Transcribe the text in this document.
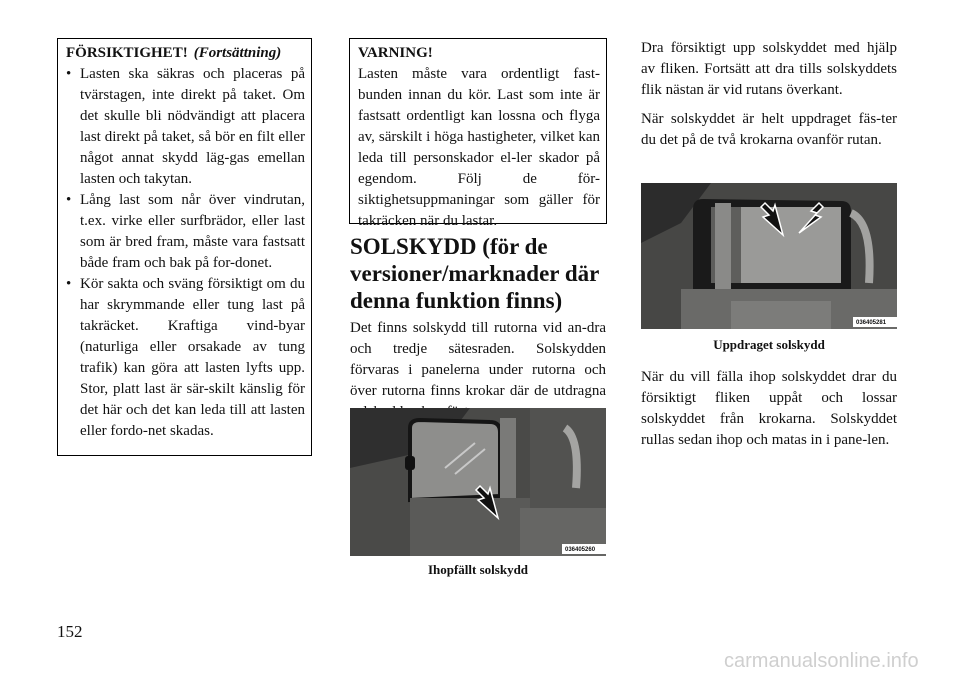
FÖRSIKTIGHET! (Fortsättning)
• Lasten ska säkras och placeras på tvärstagen, inte direkt på taket. Om det skulle bli nödvändigt att placera last direkt på taket, så bör en filt eller något annat skydd läg-gas emellan lasten och takytan.
• Lång last som når över vindrutan, t.ex. virke eller surfbrädor, eller last som är bred fram, måste vara fastsatt både fram och bak på for-donet.
• Kör sakta och sväng försiktigt om du har skrymmande eller tung last på takräcket. Kraftiga vind-byar (naturliga eller orsakade av tung trafik) kan göra att lasten lyfts upp. Stor, platt last är sär-skilt känslig för det här och det kan leda till att lasten eller fordo-net skadas.
VARNING!

Lasten måste vara ordentligt fast-bunden innan du kör. Last som inte är fastsatt ordentligt kan lossna och flyga av, särskilt i höga hastigheter, vilket kan leda till personskador el-ler skador på egendom. Följ de för-siktighetsuppmaningar som gäller för takräcken när du lastar.

SOLSKYDD (för de versioner/marknader där denna funktion finns)

Det finns solskydd till rutorna vid an-dra och tredje sätesraden. Solskydden förvaras i panelerna under rutorna och över rutorna finns krokar där de utdragna

036405260
Ihopfällt solskydd

Dra försiktigt upp solskyddet med hjälp av fliken. Fortsätt att dra tills solskyddets flik nästan är vid rutans överkant.

När solskyddet är helt uppdraget fäs-ter du det på de två krokarna ovanför rutan.

036405281
Uppdraget solskydd

När du vill fälla ihop solskyddet drar du försiktigt fliken uppåt och lossar solskyddet från krokarna. Solskyddet rullas sedan ihop och matas in i pane-len.

152
carmanualsonline.info
